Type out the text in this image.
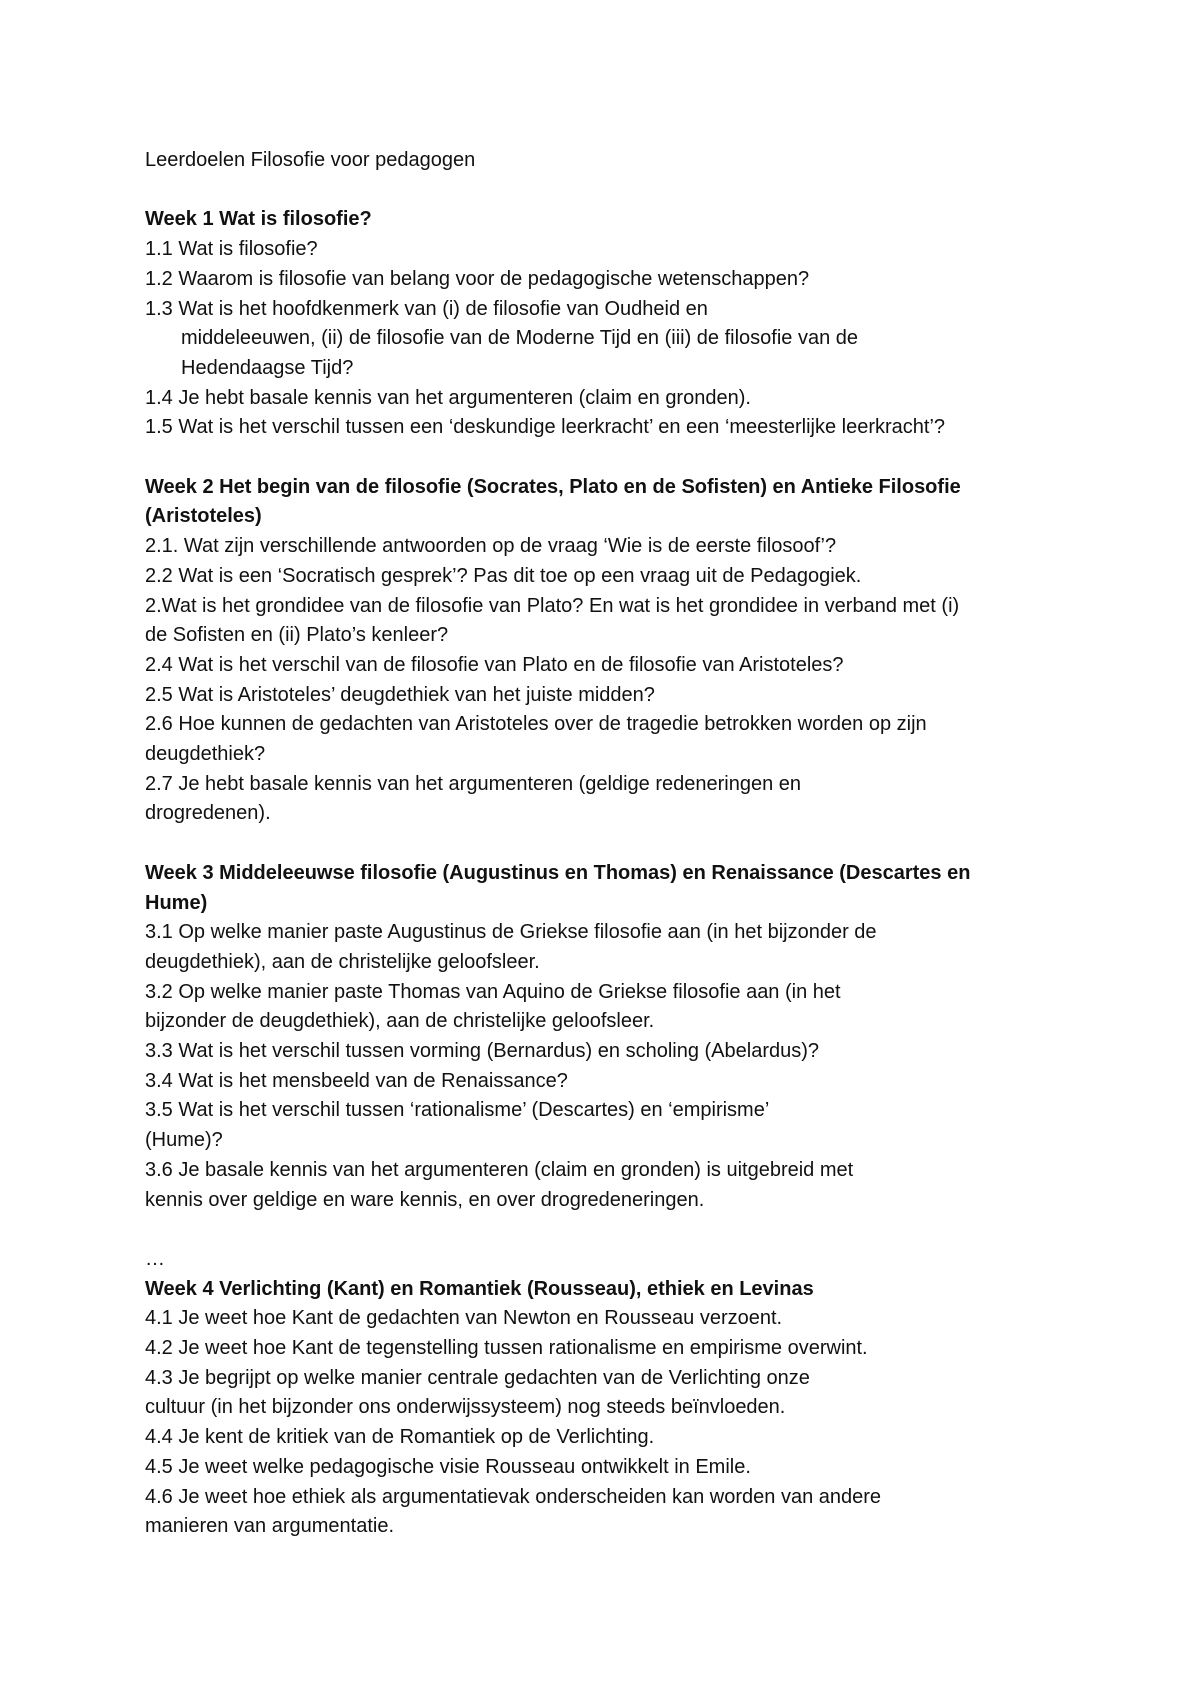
Leerdoelen Filosofie voor pedagogen

Week 1 Wat is filosofie?

1.1 Wat is filosofie?

1.2 Waarom is filosofie van belang voor de pedagogische wetenschappen?

1.3 Wat is het hoofdkenmerk van (i) de filosofie van Oudheid en

middeleeuwen, (ii) de filosofie van de Moderne Tijd en (iii) de filosofie van de

Hedendaagse Tijd?

1.4 Je hebt basale kennis van het argumenteren (claim en gronden).

1.5 Wat is het verschil tussen een ‘deskundige leerkracht’ en een ‘meesterlijke leerkracht’?

Week 2 Het begin van de filosofie (Socrates, Plato en de Sofisten) en Antieke Filosofie

(Aristoteles)

2.1. Wat zijn verschillende antwoorden op de vraag ‘Wie is de eerste filosoof’?

2.2 Wat is een ‘Socratisch gesprek’? Pas dit toe op een vraag uit de Pedagogiek.

2.Wat is het grondidee van de filosofie van Plato? En wat is het grondidee in verband met (i)

de Sofisten en (ii) Plato’s kenleer?

2.4 Wat is het verschil van de filosofie van Plato en de filosofie van Aristoteles?

2.5 Wat is Aristoteles’ deugdethiek van het juiste midden?

2.6 Hoe kunnen de gedachten van Aristoteles over de tragedie betrokken worden op zijn

deugdethiek?

2.7 Je hebt basale kennis van het argumenteren (geldige redeneringen en

drogredenen).

Week 3 Middeleeuwse filosofie (Augustinus en Thomas) en Renaissance (Descartes en

Hume)

3.1 Op welke manier paste Augustinus de Griekse filosofie aan (in het bijzonder de

deugdethiek), aan de christelijke geloofsleer.

3.2 Op welke manier paste Thomas van Aquino de Griekse filosofie aan (in het

bijzonder de deugdethiek), aan de christelijke geloofsleer.

3.3 Wat is het verschil tussen vorming (Bernardus) en scholing (Abelardus)?

3.4 Wat is het mensbeeld van de Renaissance?

3.5 Wat is het verschil tussen ‘rationalisme’ (Descartes) en ‘empirisme’

(Hume)?

3.6 Je basale kennis van het argumenteren (claim en gronden) is uitgebreid met

kennis over geldige en ware kennis, en over drogredeneringen.

…

Week 4 Verlichting (Kant) en Romantiek (Rousseau), ethiek en Levinas

4.1 Je weet hoe Kant de gedachten van Newton en Rousseau verzoent.

4.2 Je weet hoe Kant de tegenstelling tussen rationalisme en empirisme overwint.

4.3 Je begrijpt op welke manier centrale gedachten van de Verlichting onze

cultuur (in het bijzonder ons onderwijssysteem) nog steeds beïnvloeden.

4.4 Je kent de kritiek van de Romantiek op de Verlichting.

4.5 Je weet welke pedagogische visie Rousseau ontwikkelt in Emile.

4.6 Je weet hoe ethiek als argumentatievak onderscheiden kan worden van andere

manieren van argumentatie.
